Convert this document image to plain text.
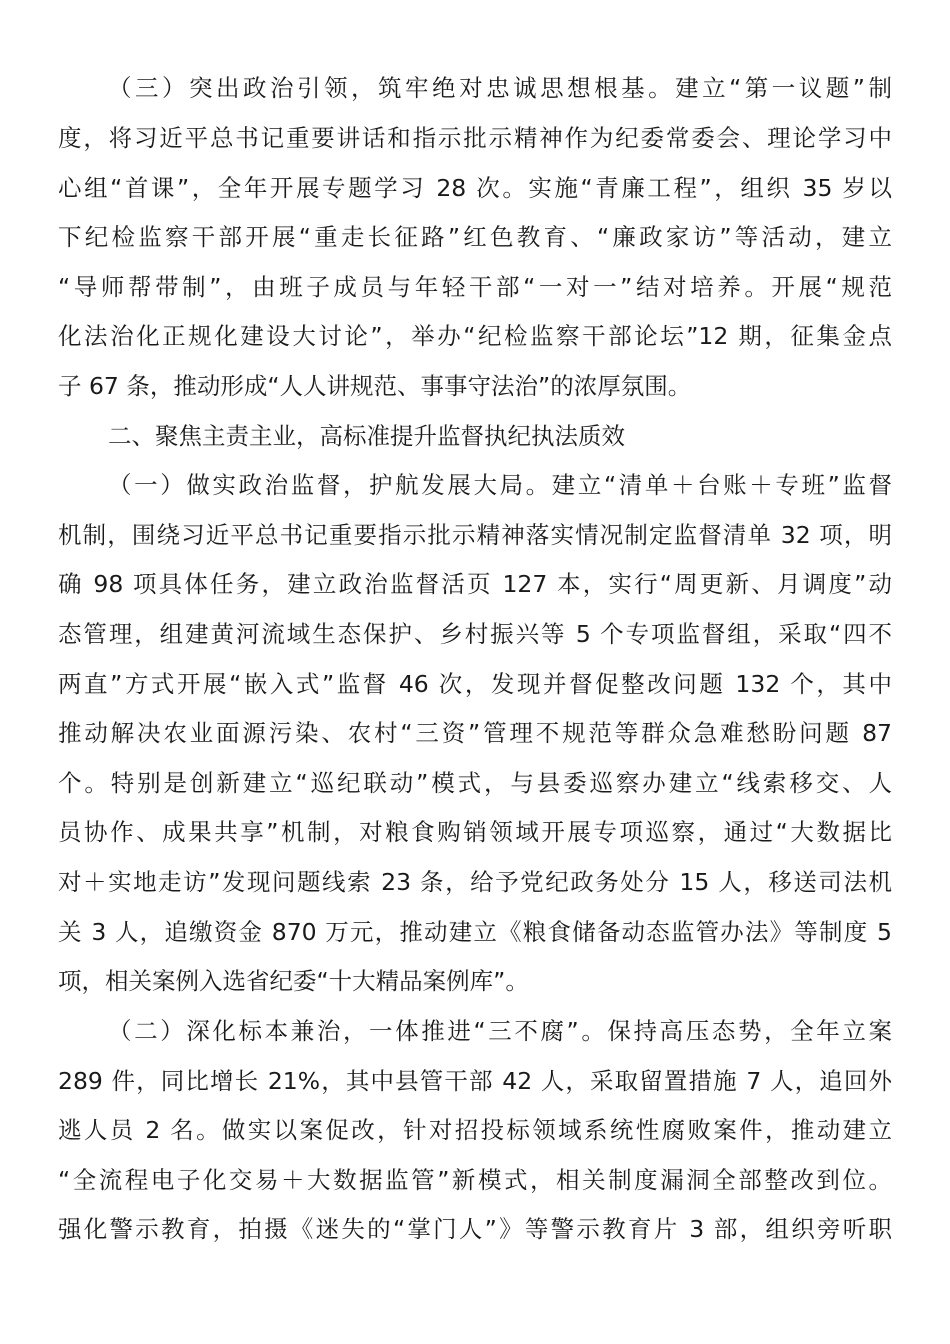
（三）突出政治引领，筑牢绝对忠诚思想根基。建立“第一议题”制
度，将习近平总书记重要讲话和指示批示精神作为纪委常委会、理论学习中
心组“首课”，全年开展专题学习 28 次。实施“青廉工程”，组织 35 岁以
下纪检监察干部开展“重走长征路”红色教育、“廉政家访”等活动，建立
“导师帮带制”，由班子成员与年轻干部“一对一”结对培养。开展“规范
化法治化正规化建设大讨论”，举办“纪检监察干部论坛”12 期，征集金点
子 67 条，推动形成“人人讲规范、事事守法治”的浓厚氛围。
二、聚焦主责主业，高标准提升监督执纪执法质效
（一）做实政治监督，护航发展大局。建立“清单＋台账＋专班”监督
机制，围绕习近平总书记重要指示批示精神落实情况制定监督清单 32 项，明
确 98 项具体任务，建立政治监督活页 127 本，实行“周更新、月调度”动
态管理，组建黄河流域生态保护、乡村振兴等 5 个专项监督组，采取“四不
两直”方式开展“嵌入式”监督 46 次，发现并督促整改问题 132 个，其中
推动解决农业面源污染、农村“三资”管理不规范等群众急难愁盼问题 87
个。特别是创新建立“巡纪联动”模式，与县委巡察办建立“线索移交、人
员协作、成果共享”机制，对粮食购销领域开展专项巡察，通过“大数据比
对＋实地走访”发现问题线索 23 条，给予党纪政务处分 15 人，移送司法机
关 3 人，追缴资金 870 万元，推动建立《粮食储备动态监管办法》等制度 5
项，相关案例入选省纪委“十大精品案例库”。
（二）深化标本兼治，一体推进“三不腐”。保持高压态势，全年立案
289 件，同比增长 21%，其中县管干部 42 人，采取留置措施 7 人，追回外
逃人员 2 名。做实以案促改，针对招投标领域系统性腐败案件，推动建立
“全流程电子化交易＋大数据监管”新模式，相关制度漏洞全部整改到位。
强化警示教育，拍摄《迷失的“掌门人”》等警示教育片 3 部，组织旁听职
